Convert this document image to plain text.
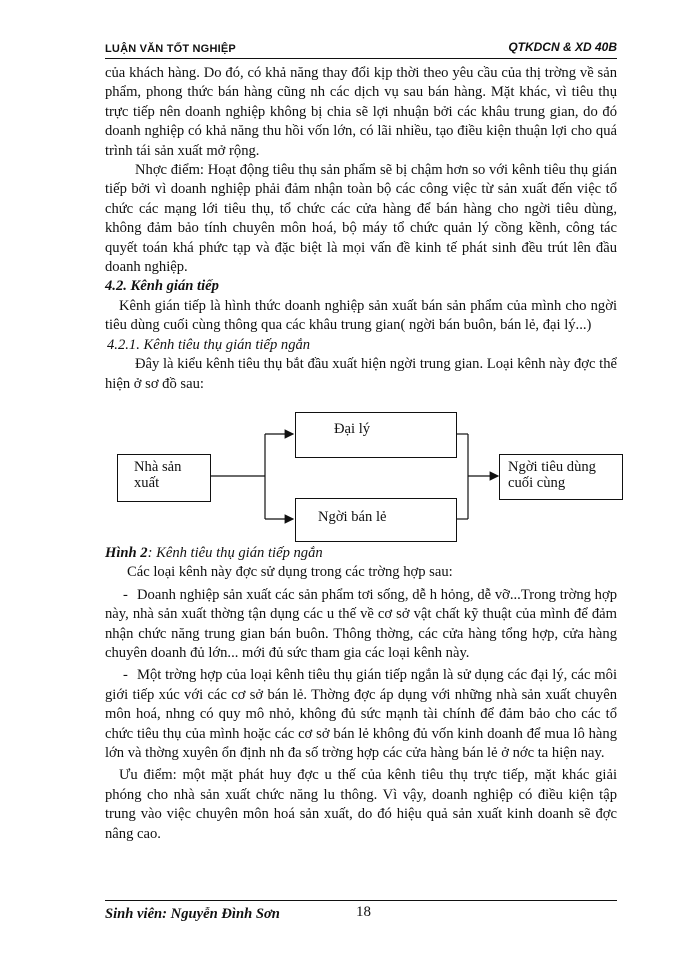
LUẬN VĂN TỐT NGHIỆP	QTKDCN & XD 40B

của khách hàng. Do đó, có khả năng thay đổi kịp thời theo yêu cầu của thị trờng về sản phẩm, phong thức bán hàng cũng nh các dịch vụ sau bán hàng. Mặt khác, vì tiêu thụ trực tiếp nên doanh nghiệp không bị chia sẽ lợi nhuận bởi các khâu trung gian, do đó doanh nghiệp có khả năng thu hồi vốn lớn, có lãi nhiều, tạo điều kiện thuận lợi cho quá trình tái sản xuất mở rộng.

Nhợc điểm: Hoạt động tiêu thụ sản phẩm sẽ bị chậm hơn so với kênh tiêu thụ gián tiếp bởi vì doanh nghiệp phải đảm nhận toàn bộ các công việc từ sản xuất đến việc tổ chức các mạng lới tiêu thụ, tổ chức các cửa hàng để bán hàng cho ngời tiêu dùng, không đảm bảo tính chuyên môn hoá, bộ máy tổ chức quản lý cồng kềnh, công tác quyết toán khá phức tạp và đặc biệt là mọi vấn đề kinh tế phát sinh đều trút lên đầu doanh nghiệp.

4.2. Kênh gián tiếp

Kênh gián tiếp là hình thức doanh nghiệp sản xuất bán sản phẩm của mình cho ngời tiêu dùng cuối cùng thông qua các khâu trung gian( ngời bán buôn, bán lẻ, đại lý...)

4.2.1. Kênh tiêu thụ gián tiếp ngắn

Đây là kiểu kênh tiêu thụ bắt đầu xuất hiện ngời trung gian. Loại kênh này đợc thể hiện ở sơ đồ sau:

Nhà sản xuất
Đại lý
Ngời bán lẻ
Ngời tiêu dùng cuối cùng

Hình 2: Kênh tiêu thụ gián tiếp ngắn

Các loại kênh này đợc sử dụng trong các trờng hợp sau:

- Doanh nghiệp sản xuất các sản phẩm tơi sống, dễ h hỏng, dễ vỡ...Trong trờng hợp này, nhà sản xuất thờng tận dụng các u thế về cơ sở vật chất kỹ thuật của mình để đảm nhận chức năng trung gian bán buôn. Thông thờng, các cửa hàng tổng hợp, cửa hàng chuyên doanh đủ lớn... mới đủ sức tham gia các loại kênh này.

- Một trờng hợp của loại kênh tiêu thụ gián tiếp ngắn là sử dụng các đại lý, các môi giới tiếp xúc với các cơ sở bán lẻ. Thờng đợc áp dụng với những nhà sản xuất chuyên môn hoá, nhng có quy mô nhỏ, không đủ sức mạnh tài chính để đảm bảo cho các tổ chức tiêu thụ của mình hoặc các cơ sở bán lẻ không đủ vốn kinh doanh để mua lô hàng lớn và thờng xuyên ổn định nh đa số trờng hợp các cửa hàng bán lẻ ở nớc ta hiện nay.

Ưu điểm: một mặt phát huy đợc u thế của kênh tiêu thụ trực tiếp, mặt khác giải phóng cho nhà sản xuất chức năng lu thông. Vì vậy, doanh nghiệp có điều kiện tập trung vào việc chuyên môn hoá sản xuất, do đó hiệu quả sản xuất kinh doanh sẽ đợc nâng cao.

Sinh viên: Nguyễn Đình Sơn	18
